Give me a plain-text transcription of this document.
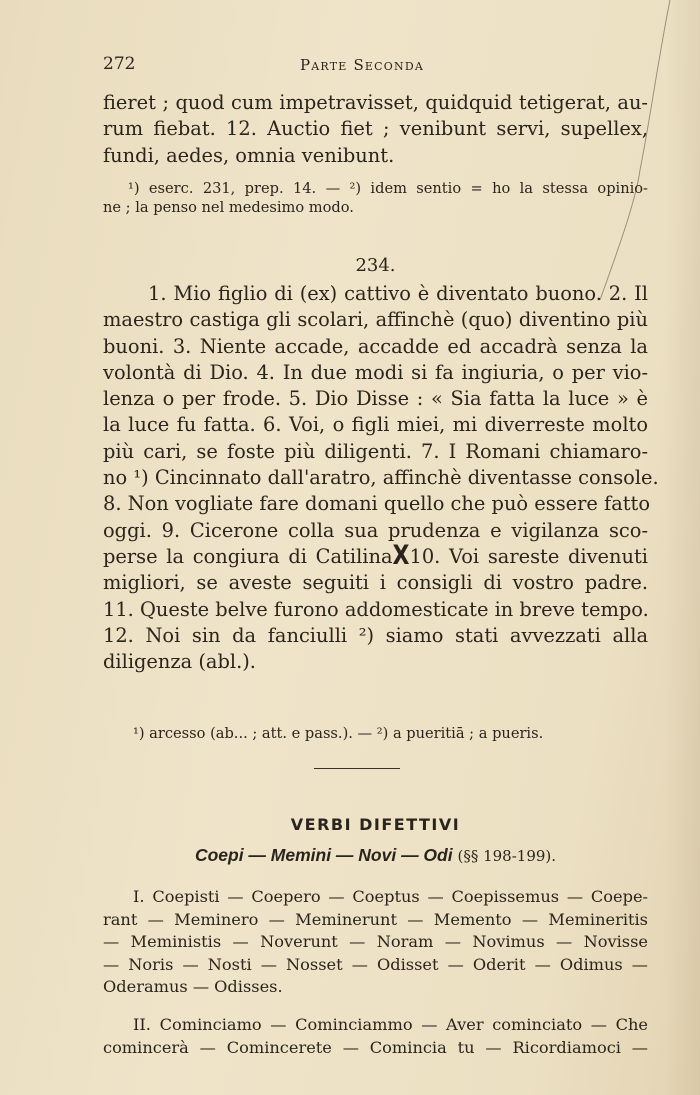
272	Parte Seconda
fieret ; quod cum impetravisset, quidquid tetigerat, au-
rum fiebat. 12. Auctio fiet ; venibunt servi, supellex,
fundi, aedes, omnia venibunt.
¹) eserc. 231, prep. 14. — ²) idem sentio = ho la stessa opinio-
ne ; la penso nel medesimo modo.
234.
1. Mio figlio di (ex) cattivo è diventato buono. 2. Il
maestro castiga gli scolari, affinchè (quo) diventino più
buoni. 3. Niente accade, accadde ed accadrà senza la
volontà di Dio. 4. In due modi si fa ingiuria, o per vio-
lenza o per frode. 5. Dio Disse : « Sia fatta la luce » è
la luce fu fatta. 6. Voi, o figli miei, mi diverreste molto
più cari, se foste più diligenti. 7. I Romani chiamaro-
no ¹) Cincinnato dall'aratro, affinchè diventasse console.
8. Non vogliate fare domani quello che può essere fatto
oggi. 9. Cicerone colla sua prudenza e vigilanza sco-
perse la congiura di CatilinaX10. Voi sareste divenuti
migliori, se aveste seguiti i consigli di vostro padre.
11. Queste belve furono addomesticate in breve tempo.
12. Noi sin da fanciulli ²) siamo stati avvezzati alla
diligenza (abl.).
¹) arcesso (ab... ; att. e pass.). — ²) a pueritiā ; a pueris.
VERBI DIFETTIVI
Coepi — Memini — Novi — Odi (§§ 198-199).
I. Coepisti — Coepero — Coeptus — Coepissemus — Coepe-
rant — Meminero — Meminerunt — Memento — Memineritis
— Meministis — Noverunt — Noram — Novimus — Novisse
— Noris — Nosti — Nosset — Odisset — Oderit — Odimus —
Oderamus — Odisses.
II. Cominciamo — Cominciammo — Aver cominciato — Che
comincerà — Comincerete — Comincia tu — Ricordiamoci —
